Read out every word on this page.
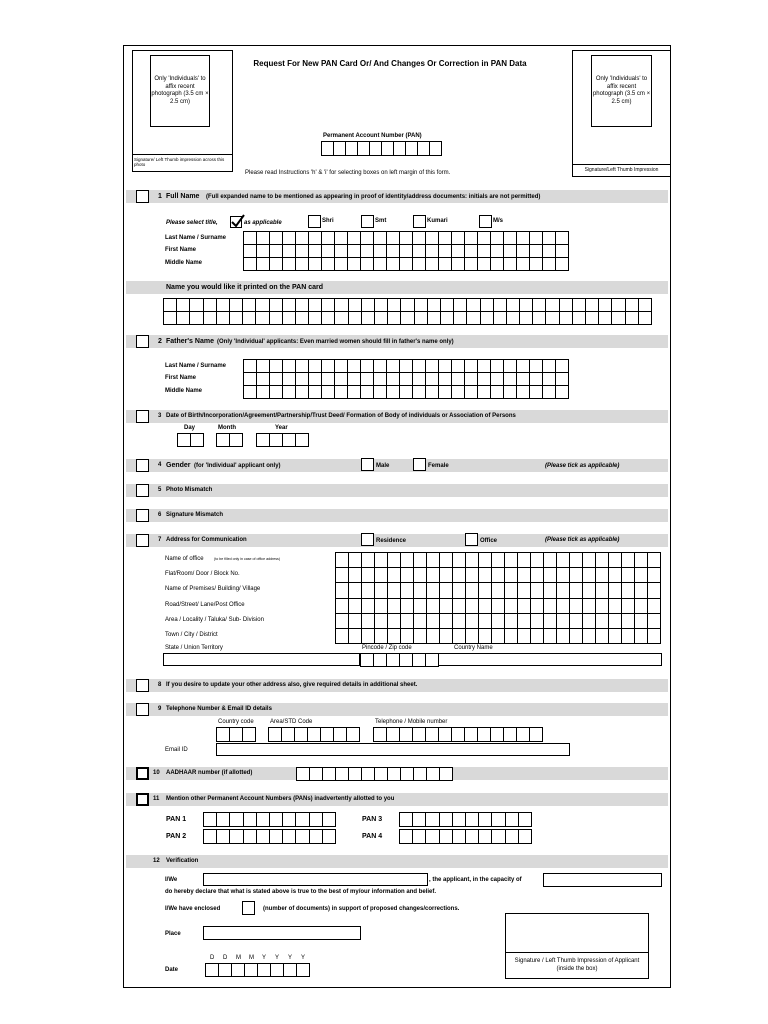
Only 'Individuals' to affix recent photograph (3.5 cm × 2.5 cm)
Signature/ Left Thumb impression across this photo
Request For New PAN Card Or/ And Changes Or Correction in PAN Data
Only 'Individuals' to affix recent photograph (3.5 cm × 2.5 cm)
Signature/Left Thumb Impression
Permanent Account Number (PAN)
Please read Instructions 'h' & 'i' for selecting boxes on left margin of this form.
1 Full Name (Full expanded name to be mentioned as appearing in proof of identity/address documents: initials are not permitted)
Please select title,	as applicable	Shri	Smt	Kumari	M/s
Last Name / Surname
First Name
Middle Name
Name you would like it printed on the PAN card
2 Father's Name (Only 'Individual' applicants: Even married women should fill in father's name only)
Last Name / Surname
First Name
Middle Name
3 Date of Birth/Incorporation/Agreement/Partnership/Trust Deed/ Formation of Body of individuals or Association of Persons
Day	Month	Year
4 Gender (for 'Individual' applicant only)	(Please tick as applicable)
Male	Female
5 Photo Mismatch
6 Signature Mismatch
7 Address for Communication	(Please tick as applicable)
Residence	Office
Name of office	(to be filled only in case of office address)
Flat/Room/ Door / Block No.
Name of Premises/ Building/ Village
Road/Street/ Lane/Post Office
Area / Locality / Taluka/ Sub- Division
Town / City / District
State / Union Territory	Pincode / Zip code	Country Name
8 If you desire to update your other address also, give required details in additional sheet.
9 Telephone Number & Email ID details
Country code	Area/STD Code	Telephone / Mobile number
Email ID
10 AADHAAR number (if allotted)
11 Mention other Permanent Account Numbers (PANs) inadvertently allotted to you
PAN 1
PAN 2
PAN 3
PAN 4
12 Verification
I/We	, the applicant, in the capacity of
do hereby declare that what is stated above is true to the best of my/our information and belief.
I/We have enclosed	(number of documents) in support of proposed changes/corrections.
Place
D D M M Y Y Y Y
Date
Signature / Left Thumb Impression of Applicant (inside the box)
